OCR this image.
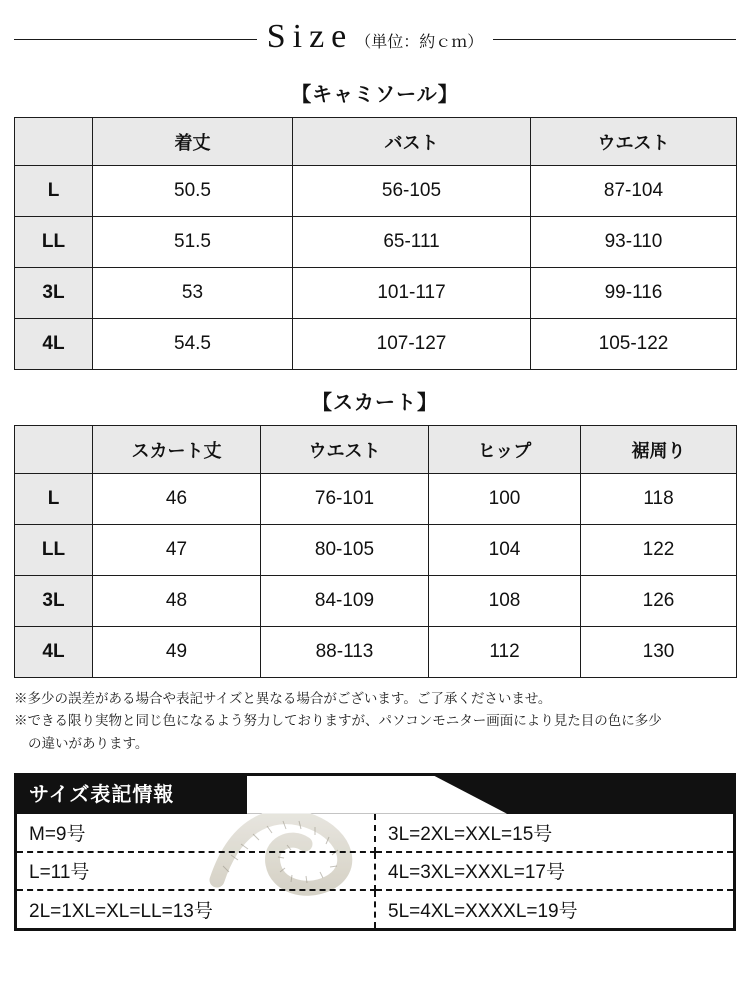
Size （単位：約ｃｍ）
【キャミソール】
	着丈	バスト	ウエスト
L	50.5	56-105	87-104
LL	51.5	65-111	93-110
3L	53	101-117	99-116
4L	54.5	107-127	105-122
【スカート】
	スカート丈	ウエスト	ヒップ	裾周り
L	46	76-101	100	118
LL	47	80-105	104	122
3L	48	84-109	108	126
4L	49	88-113	112	130

※多少の誤差がある場合や表記サイズと異なる場合がございます。ご了承くださいませ。

※できる限り実物と同じ色になるよう努力しておりますが、パソコンモニター画面により見た目の色に多少

の違いがあります。

サイズ表記情報
M=9号	3L=2XL=XXL=15号
L=11号	4L=3XL=XXXL=17号
2L=1XL=XL=LL=13号	5L=4XL=XXXXL=19号
